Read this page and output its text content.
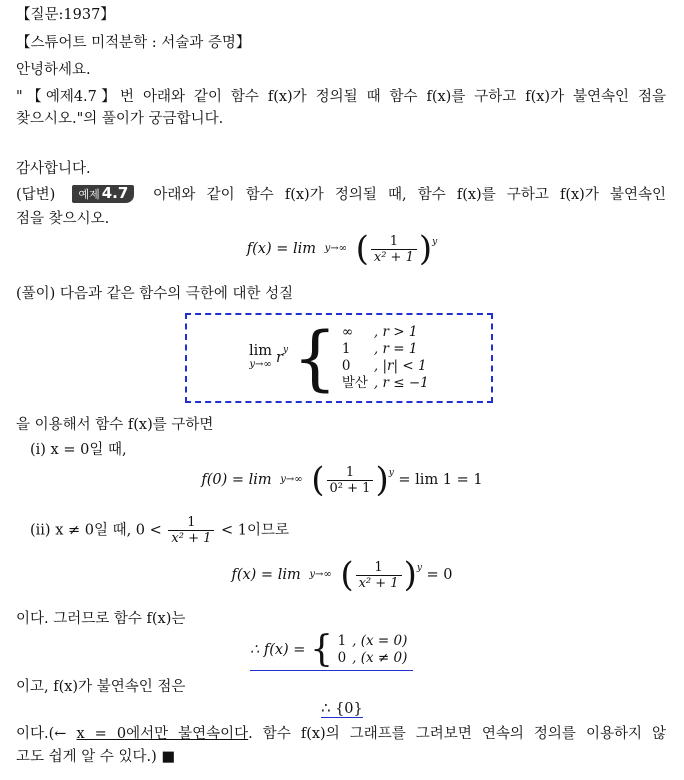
【질문:1937】
【스튜어트 미적분학 : 서술과 증명】
안녕하세요.
"【예제4.7】번 아래와 같이 함수 f(x)가 정의될 때 함수 f(x)를 구하고 f(x)가 불연속인 점을
찾으시오."의 풀이가 궁금합니다.
감사합니다.
(답변) 예제 4.7 아래와 같이 함수 f(x)가 정의될 때, 함수 f(x)를 구하고 f(x)가 불연속인
점을 찾으시오.
f(x) = lim y→∞ ( $\frac{1}{\text{x² + 1}} )^y$
(풀이) 다음과 같은 함수의 극한에 대한 성질
lim
y→∞ $r^y$ { ∞	, r > 1
1	, r = 1
0	, |r| < 1
발산	, r ≤ −1
을 이용해서 함수 f(x)를 구하면
(i) x = 0일 때,
f(0) = lim y→∞ ( $\frac{1}{\text{0² + 1}} )^y = \lim 1 = 1$
(ii) x ≠ 0일 때, $0 < \frac{1}{\text{x² + 1}} < 1$이므로
f(x) = lim y→∞ ( $\frac{1}{\text{x² + 1}} )^y = 0$
이다. 그러므로 함수 f(x)는
∴ f(x) = { 1	, (x = 0)
0	, (x ≠ 0)
이고, f(x)가 불연속인 점은
∴ {0}
이다.(← x = 0에서만 불연속이다. 함수 f(x)의 그래프를 그려보면 연속의 정의를 이용하지 않
고도 쉽게 알 수 있다.) ■
